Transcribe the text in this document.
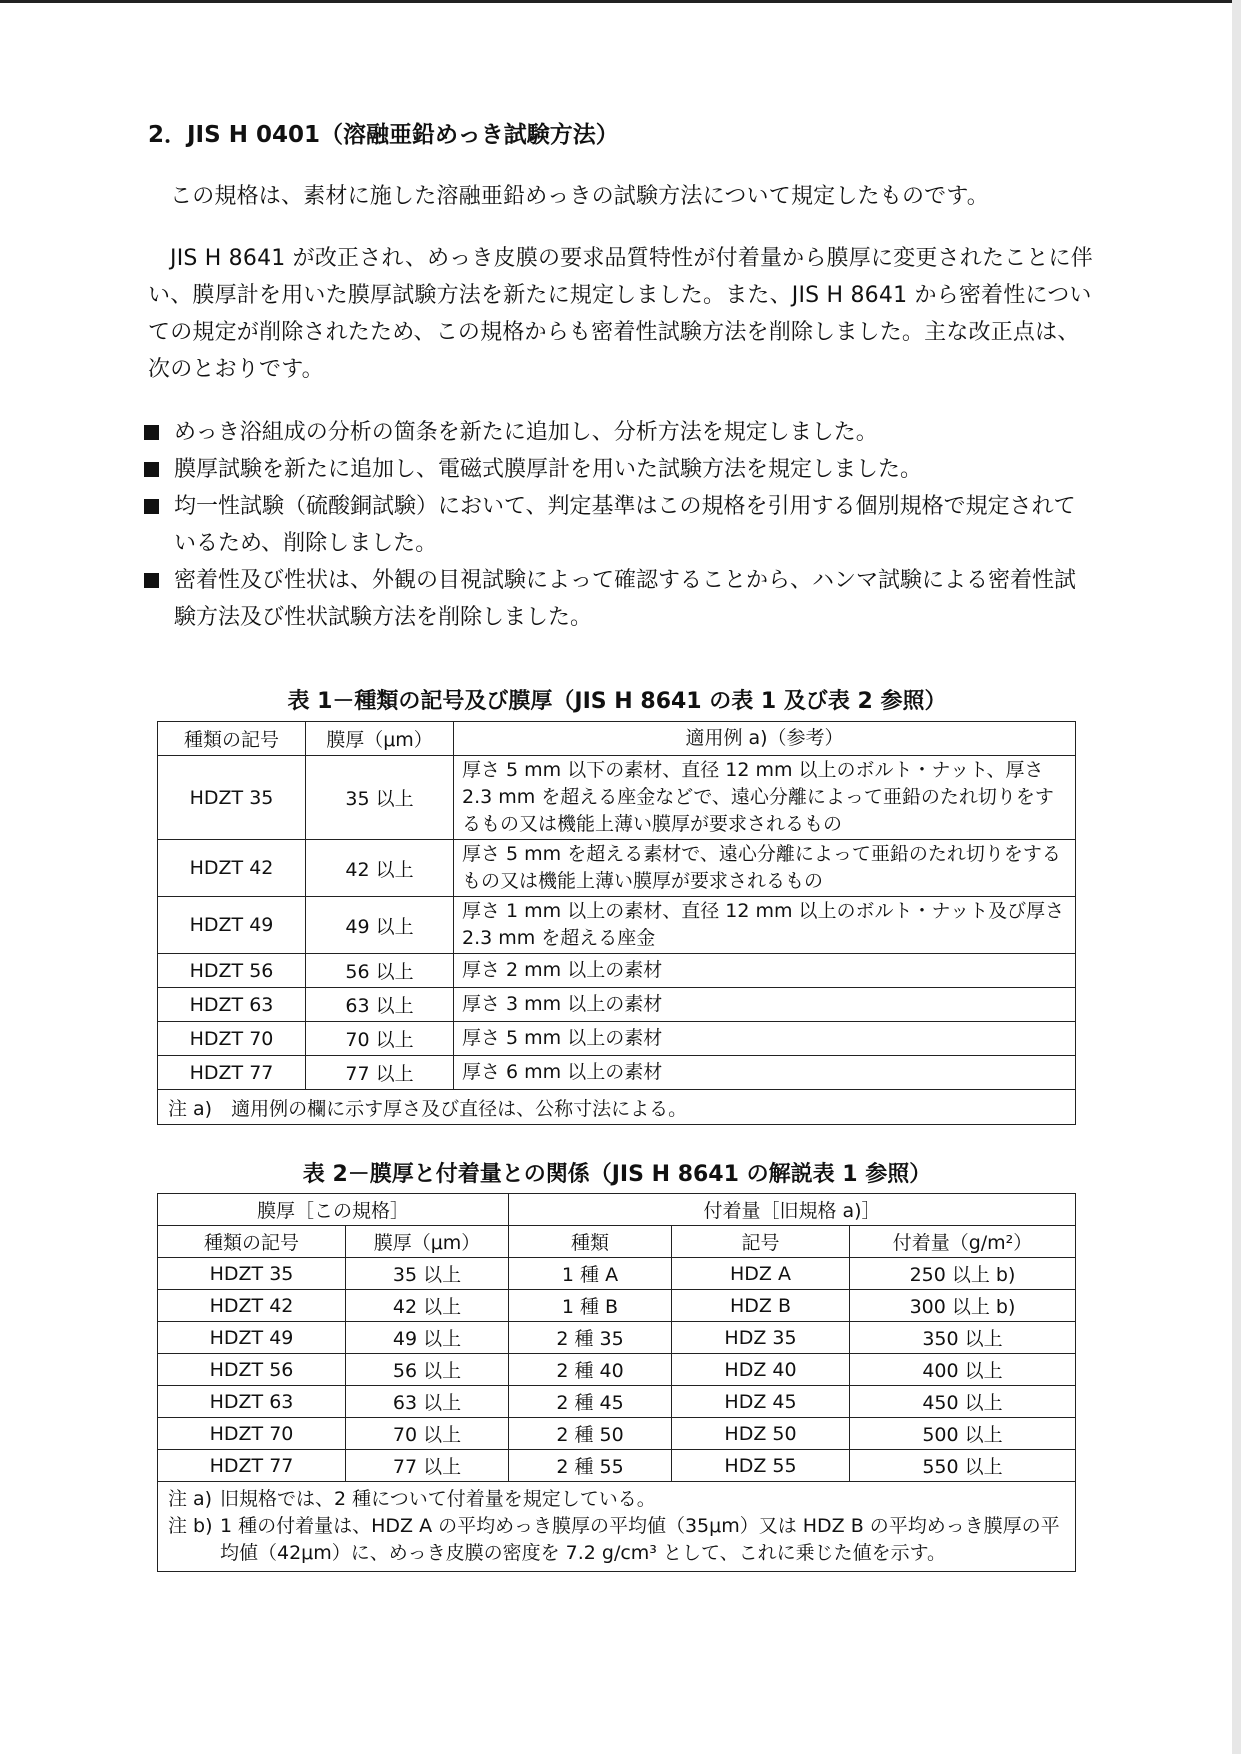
2．JIS H 0401（溶融亜鉛めっき試験方法）
この規格は、素材に施した溶融亜鉛めっきの試験方法について規定したものです。
JIS H 8641 が改正され、めっき皮膜の要求品質特性が付着量から膜厚に変更されたことに伴い、膜厚計を用いた膜厚試験方法を新たに規定しました。また、JIS H 8641 から密着性についての規定が削除されたため、この規格からも密着性試験方法を削除しました。主な改正点は、次のとおりです。
めっき浴組成の分析の箇条を新たに追加し、分析方法を規定しました。
膜厚試験を新たに追加し、電磁式膜厚計を用いた試験方法を規定しました。
均一性試験（硫酸銅試験）において、判定基準はこの規格を引用する個別規格で規定されているため、削除しました。
密着性及び性状は、外観の目視試験によって確認することから、ハンマ試験による密着性試験方法及び性状試験方法を削除しました。
表 1－種類の記号及び膜厚（JIS H 8641 の表 1 及び表 2 参照）
種類の記号	膜厚（μm）	適用例 a)（参考）
HDZT 35	35 以上	厚さ 5 mm 以下の素材、直径 12 mm 以上のボルト・ナット、厚さ 2.3 mm を超える座金などで、遠心分離によって亜鉛のたれ切りをするもの又は機能上薄い膜厚が要求されるもの
HDZT 42	42 以上	厚さ 5 mm を超える素材で、遠心分離によって亜鉛のたれ切りをするもの又は機能上薄い膜厚が要求されるもの
HDZT 49	49 以上	厚さ 1 mm 以上の素材、直径 12 mm 以上のボルト・ナット及び厚さ 2.3 mm を超える座金
HDZT 56	56 以上	厚さ 2 mm 以上の素材
HDZT 63	63 以上	厚さ 3 mm 以上の素材
HDZT 70	70 以上	厚さ 5 mm 以上の素材
HDZT 77	77 以上	厚さ 6 mm 以上の素材
注 a)　適用例の欄に示す厚さ及び直径は、公称寸法による。		
表 2－膜厚と付着量との関係（JIS H 8641 の解説表 1 参照）
膜厚［この規格］		付着量［旧規格 a)］		
種類の記号	膜厚（μm）	種類	記号	付着量（g/m²）
HDZT 35	35 以上	1 種 A	HDZ A	250 以上 b)
HDZT 42	42 以上	1 種 B	HDZ B	300 以上 b)
HDZT 49	49 以上	2 種 35	HDZ 35	350 以上
HDZT 56	56 以上	2 種 40	HDZ 40	400 以上
HDZT 63	63 以上	2 種 45	HDZ 45	450 以上
HDZT 70	70 以上	2 種 50	HDZ 50	500 以上
HDZT 77	77 以上	2 種 55	HDZ 55	550 以上

注 a) 旧規格では、2 種について付着量を規定している。
注 b) 1 種の付着量は、HDZ A の平均めっき膜厚の平均値（35μm）又は HDZ B の平均めっき膜厚の平均値（42μm）に、めっき皮膜の密度を 7.2 g/cm³ として、これに乗じた値を示す。				
